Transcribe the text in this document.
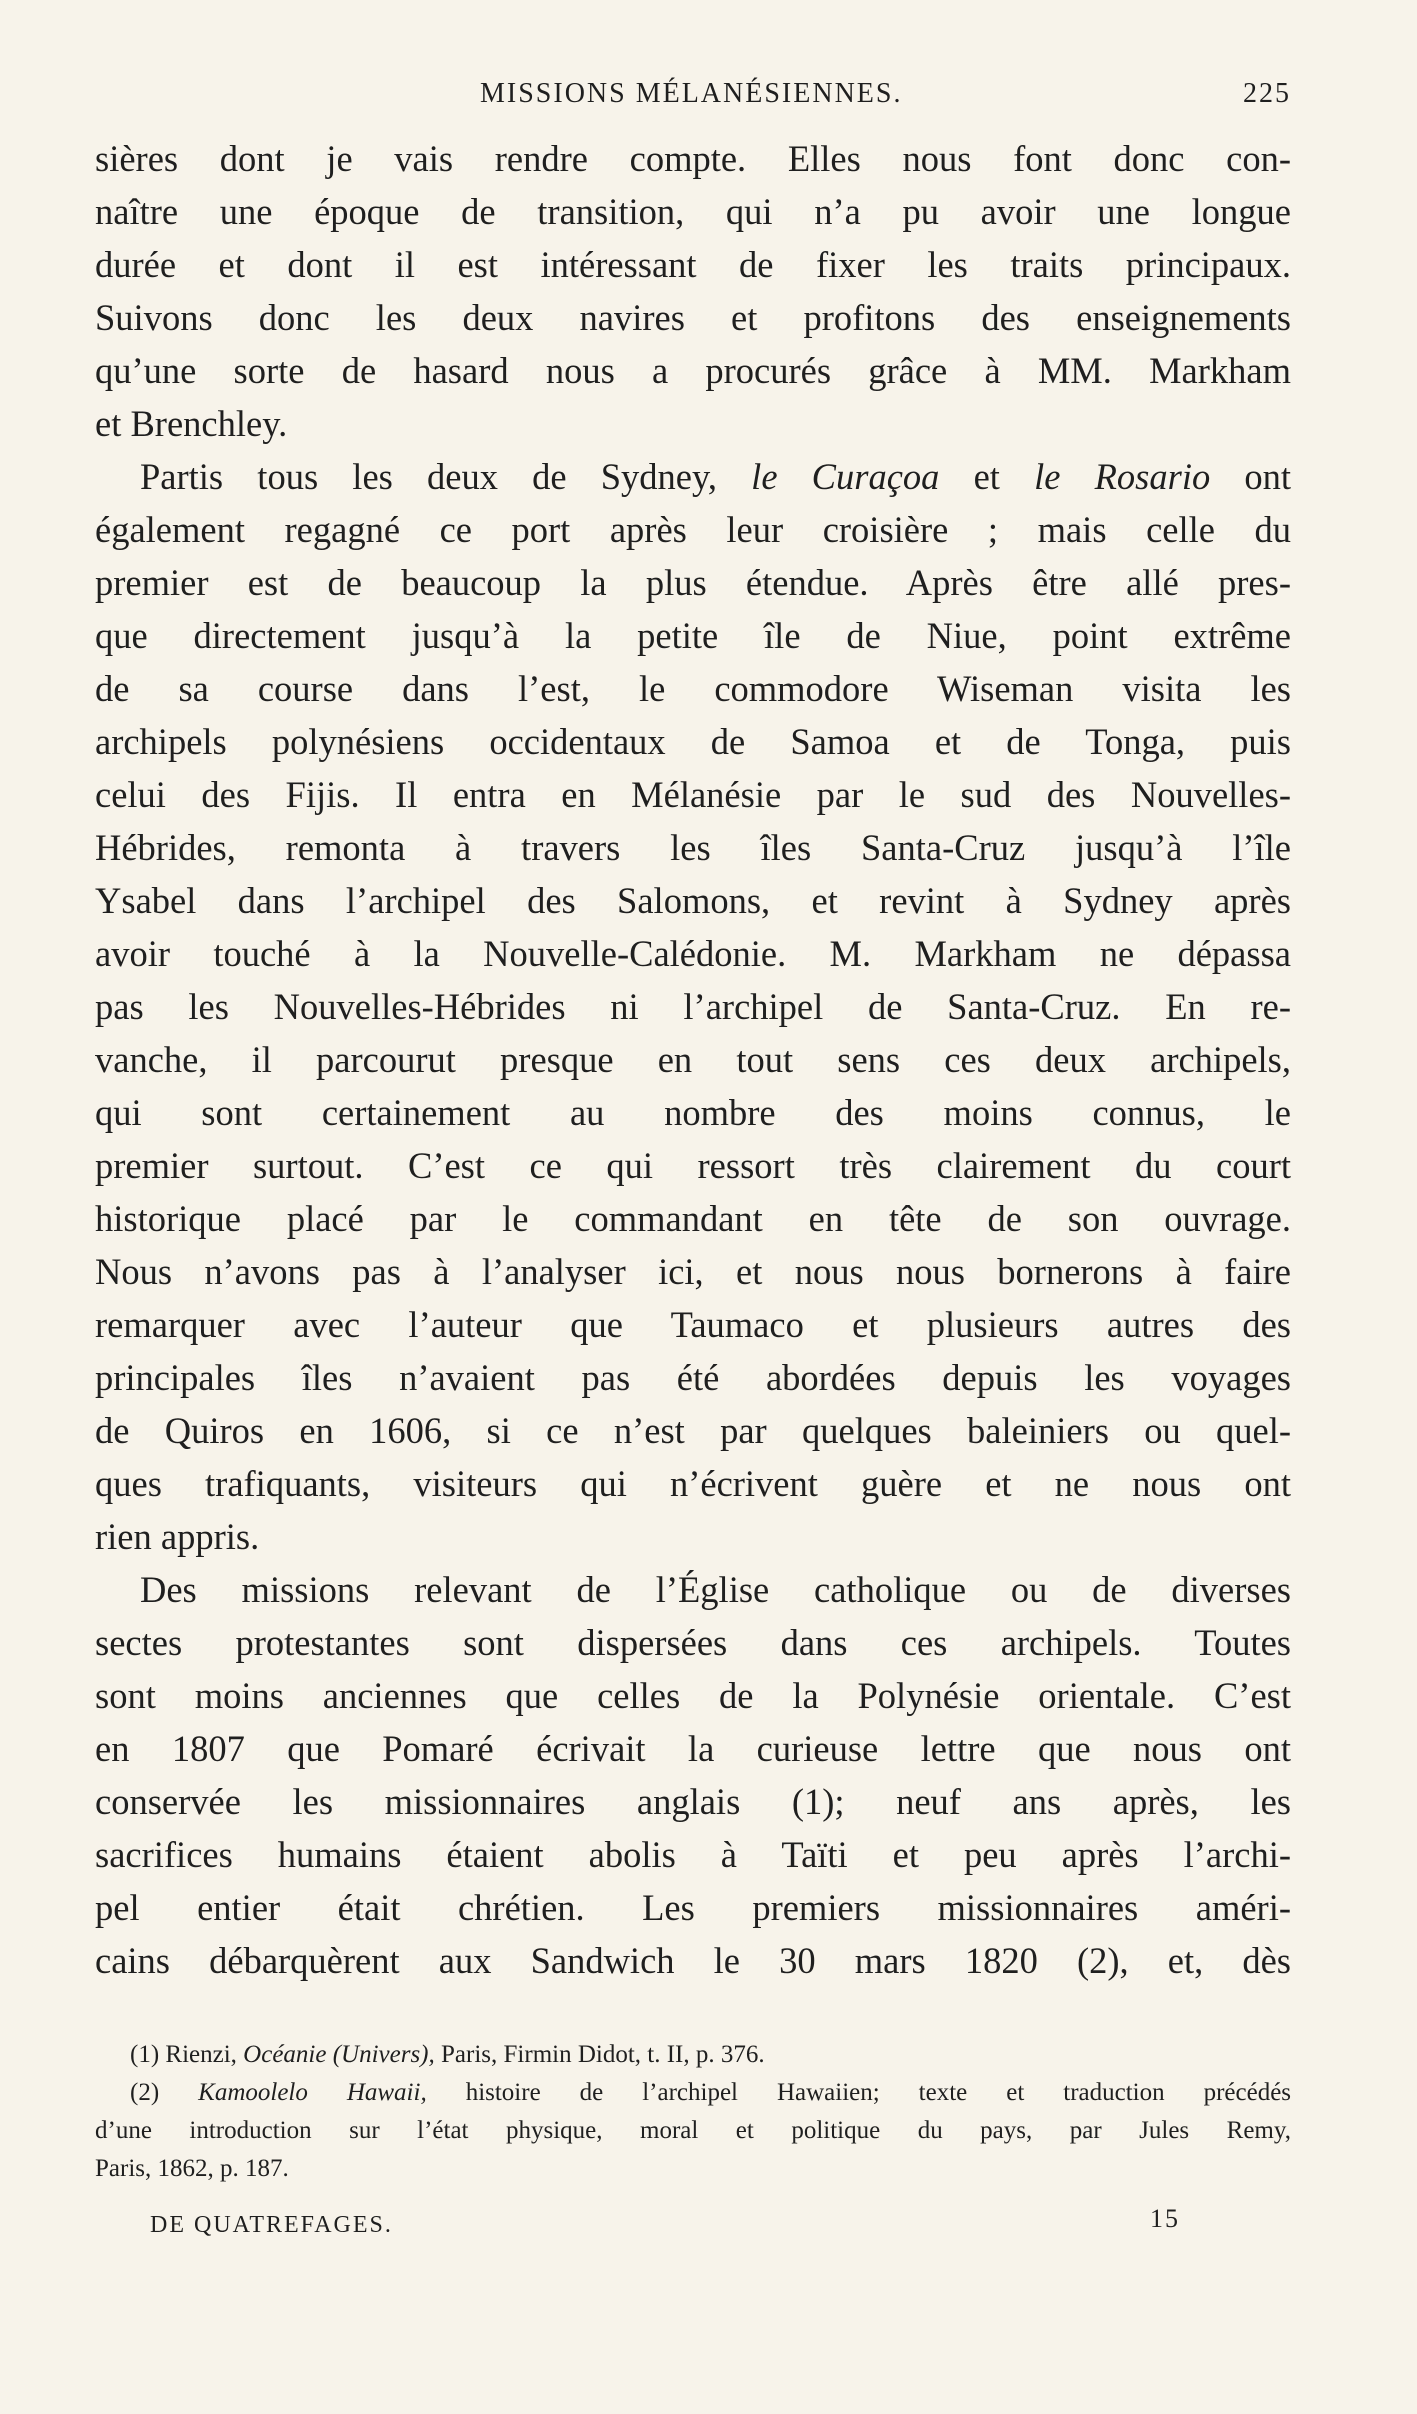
MISSIONS MÉLANÉSIENNES.	225
sières dont je vais rendre compte. Elles nous font donc con-
naître une époque de transition, qui n’a pu avoir une longue
durée et dont il est intéressant de fixer les traits principaux.
Suivons donc les deux navires et profitons des enseignements
qu’une sorte de hasard nous a procurés grâce à MM. Markham
et Brenchley.
Partis tous les deux de Sydney, le Curaçoa et le Rosario ont
également regagné ce port après leur croisière ; mais celle du
premier est de beaucoup la plus étendue. Après être allé pres-
que directement jusqu’à la petite île de Niue, point extrême
de sa course dans l’est, le commodore Wiseman visita les
archipels polynésiens occidentaux de Samoa et de Tonga, puis
celui des Fijis. Il entra en Mélanésie par le sud des Nouvelles-
Hébrides, remonta à travers les îles Santa-Cruz jusqu’à l’île
Ysabel dans l’archipel des Salomons, et revint à Sydney après
avoir touché à la Nouvelle-Calédonie. M. Markham ne dépassa
pas les Nouvelles-Hébrides ni l’archipel de Santa-Cruz. En re-
vanche, il parcourut presque en tout sens ces deux archipels,
qui sont certainement au nombre des moins connus, le
premier surtout. C’est ce qui ressort très clairement du court
historique placé par le commandant en tête de son ouvrage.
Nous n’avons pas à l’analyser ici, et nous nous bornerons à faire
remarquer avec l’auteur que Taumaco et plusieurs autres des
principales îles n’avaient pas été abordées depuis les voyages
de Quiros en 1606, si ce n’est par quelques baleiniers ou quel-
ques trafiquants, visiteurs qui n’écrivent guère et ne nous ont
rien appris.
Des missions relevant de l’Église catholique ou de diverses
sectes protestantes sont dispersées dans ces archipels. Toutes
sont moins anciennes que celles de la Polynésie orientale. C’est
en 1807 que Pomaré écrivait la curieuse lettre que nous ont
conservée les missionnaires anglais (1); neuf ans après, les
sacrifices humains étaient abolis à Taïti et peu après l’archi-
pel entier était chrétien. Les premiers missionnaires améri-
cains débarquèrent aux Sandwich le 30 mars 1820 (2), et, dès
(1) Rienzi, Océanie (Univers), Paris, Firmin Didot, t. II, p. 376.
(2) Kamoolelo Hawaii, histoire de l’archipel Hawaiien; texte et traduction précédés
d’une introduction sur l’état physique, moral et politique du pays, par Jules Remy,
Paris, 1862, p. 187.
DE QUATREFAGES.	15
